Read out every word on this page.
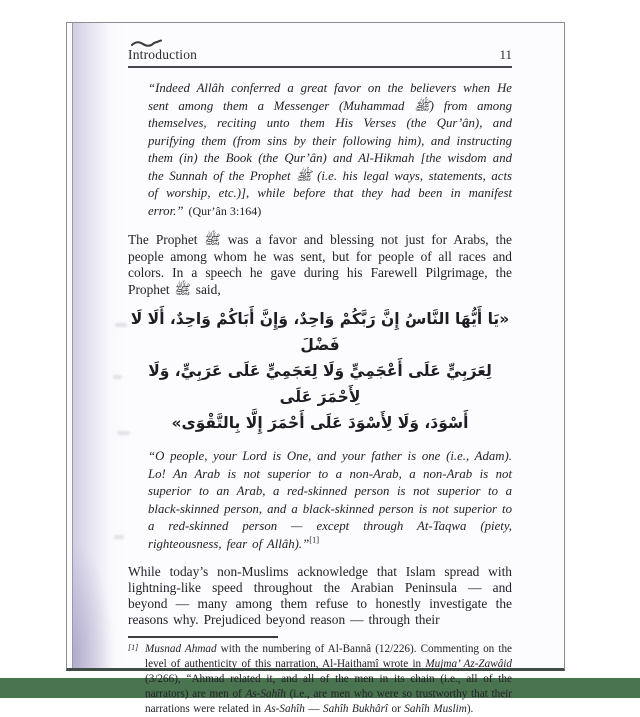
Introduction	11
“Indeed Allâh conferred a great favor on the believers when He sent among them a Messenger (Muhammad ﷺ) from among themselves, reciting unto them His Verses (the Qur’ân), and purifying them (from sins by their following him), and instructing them (in) the Book (the Qur’ân) and Al-Hikmah [the wisdom and the Sunnah of the Prophet ﷺ (i.e. his legal ways, statements, acts of worship, etc.)], while before that they had been in manifest error.” (Qur’ân 3:164)
The Prophet ﷺ was a favor and blessing not just for Arabs, the people among whom he was sent, but for people of all races and colors. In a speech he gave during his Farewell Pilgrimage, the Prophet ﷺ said,
«يَا أَيُّهَا النَّاسُ إِنَّ رَبَّكُمْ وَاحِدٌ، وَإِنَّ أَبَاكُمْ وَاحِدٌ، أَلَا لَا فَضْلَ
لِعَرَبِيٍّ عَلَى أَعْجَمِيٍّ وَلَا لِعَجَمِيٍّ عَلَى عَرَبِيٍّ، وَلَا لِأَحْمَرَ عَلَى
أَسْوَدَ، وَلَا لِأَسْوَدَ عَلَى أَحْمَرَ إِلَّا بِالتَّقْوَى»
“O people, your Lord is One, and your father is one (i.e., Adam). Lo! An Arab is not superior to a non-Arab, a non-Arab is not superior to an Arab, a red-skinned person is not superior to a black-skinned person, and a black-skinned person is not superior to a red-skinned person — except through At-Taqwa (piety, righteousness, fear of Allâh).”[1]
While today’s non-Muslims acknowledge that Islam spread with lightning-like speed throughout the Arabian Peninsula — and beyond — many among them refuse to honestly investigate the reasons why. Prejudiced beyond reason — through their
[1] Musnad Ahmad with the numbering of Al-Bannâ (12/226). Commenting on the level of authenticity of this narration, Al-Haithamî wrote in Mujma’ Az-Zawâid (3/266), “Ahmad related it, and all of the men in its chain (i.e., all of the narrators) are men of As-Sahîh (i.e., are men who were so trustworthy that their narrations were related in As-Sahîh — Sahîh Bukhârî or Sahîh Muslim).
